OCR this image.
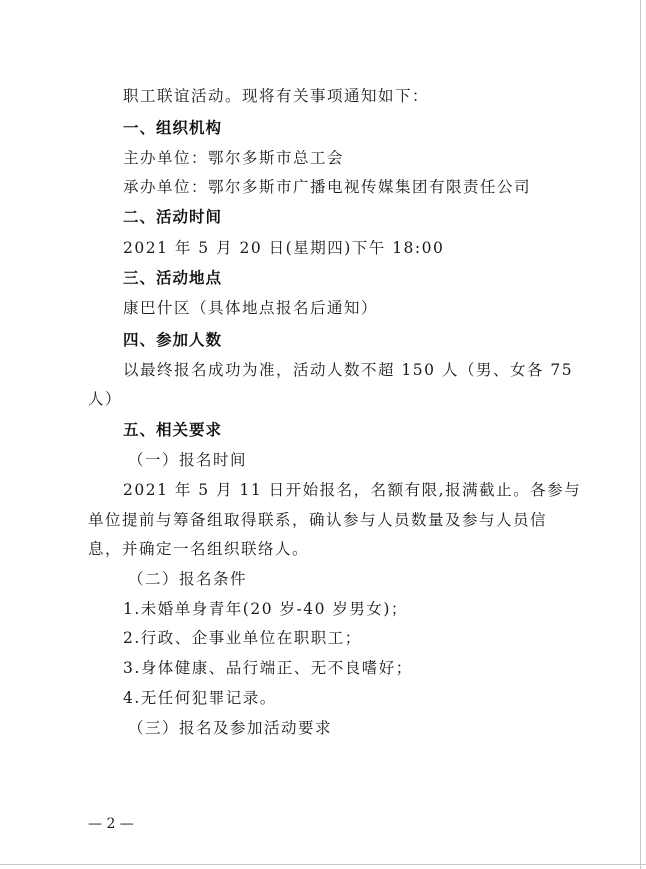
职工联谊活动。现将有关事项通知如下：
一、组织机构
主办单位：鄂尔多斯市总工会
承办单位：鄂尔多斯市广播电视传媒集团有限责任公司
二、活动时间
2021 年 5 月 20 日(星期四)下午 18:00
三、活动地点
康巴什区（具体地点报名后通知）
四、参加人数
以最终报名成功为准，活动人数不超 150 人（男、女各 75
人）
五、相关要求
（一）报名时间
2021 年 5 月 11 日开始报名，名额有限,报满截止。各参与
单位提前与筹备组取得联系，确认参与人员数量及参与人员信
息，并确定一名组织联络人。
（二）报名条件
1.未婚单身青年(20 岁-40 岁男女)；
2.行政、企事业单位在职职工；
3.身体健康、品行端正、无不良嗜好；
4.无任何犯罪记录。
（三）报名及参加活动要求
— 2 —
